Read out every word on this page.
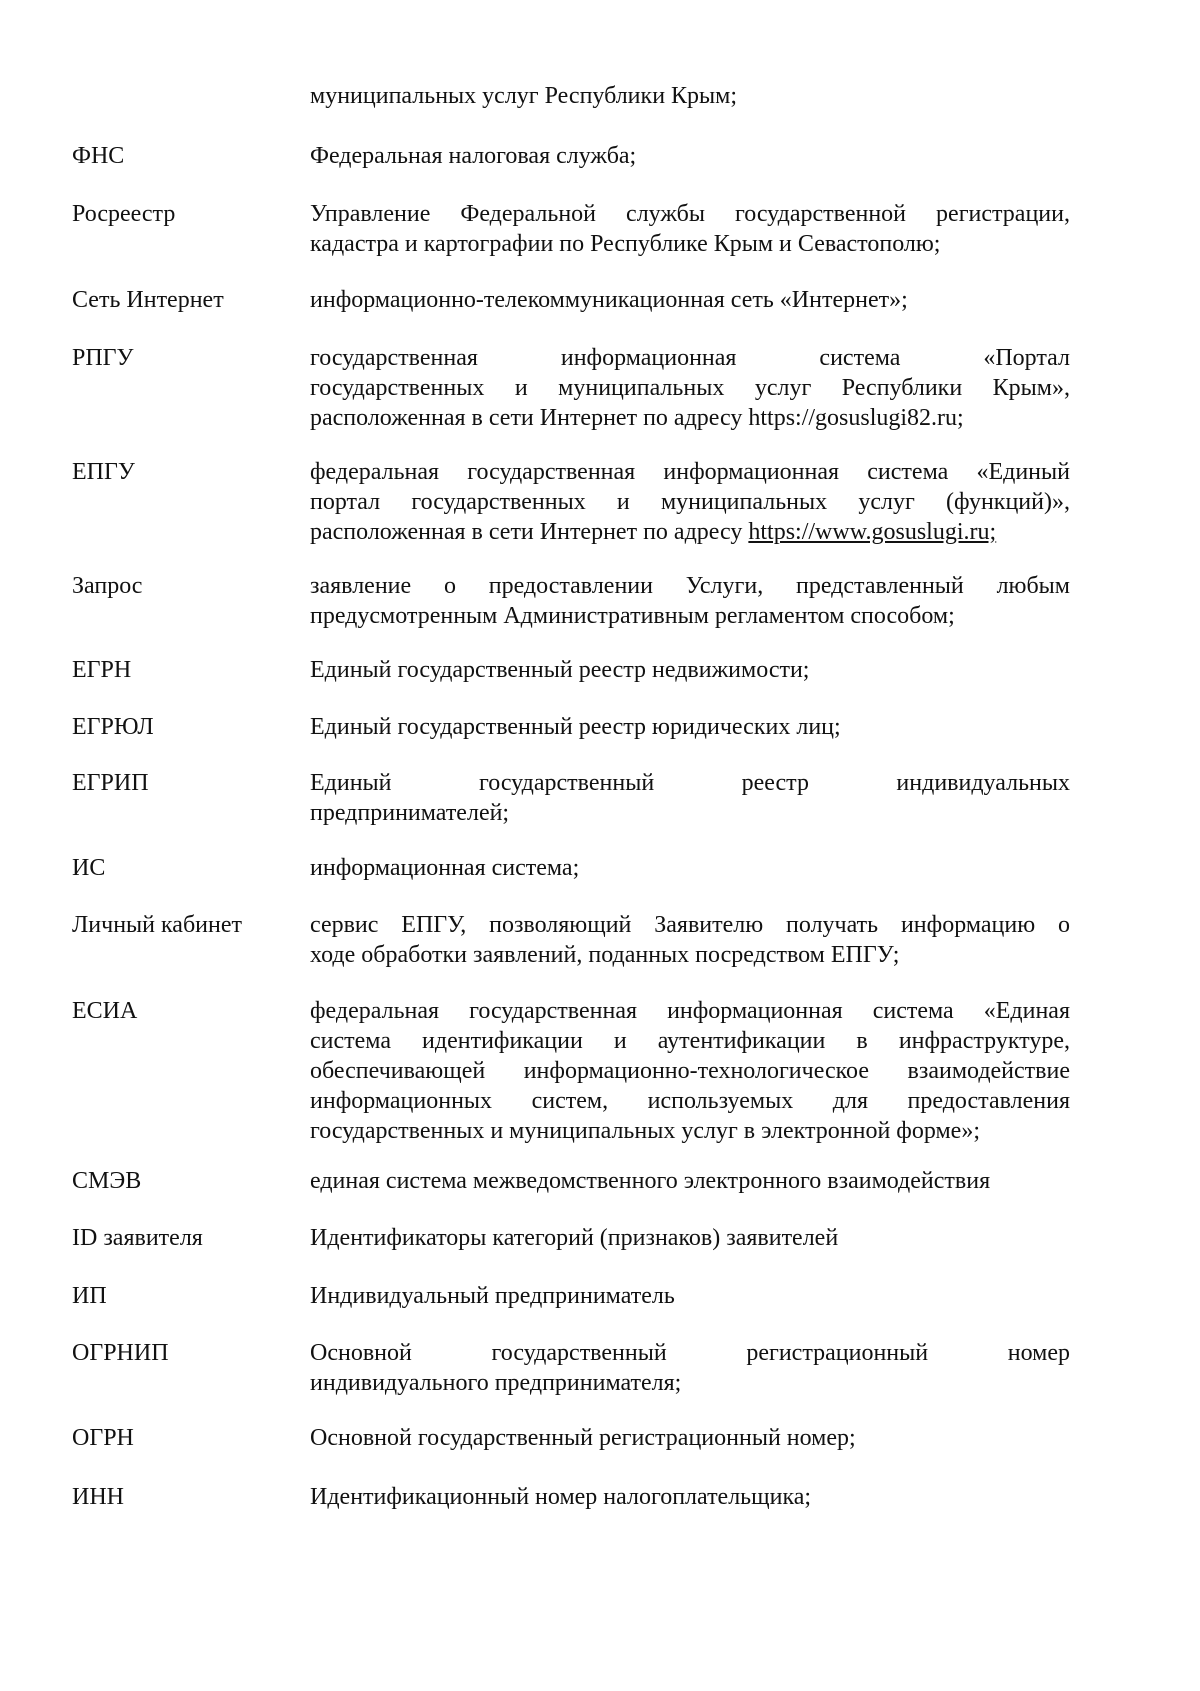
муниципальных услуг Республики Крым;
ФНС	Федеральная налоговая служба;
Росреестр	Управление Федеральной службы государственной регистрации,
кадастра и картографии по Республике Крым и Севастополю;
Сеть Интернет	информационно-телекоммуникационная сеть «Интернет»;
РПГУ	государственная информационная система «Портал
государственных и муниципальных услуг Республики Крым»,
расположенная в сети Интернет по адресу https://gosuslugi82.ru;
ЕПГУ	федеральная государственная информационная система «Единый
портал государственных и муниципальных услуг (функций)»,
расположенная в сети Интернет по адресу https://www.gosuslugi.ru;
Запрос	заявление о предоставлении Услуги, представленный любым
предусмотренным Административным регламентом способом;
ЕГРН	Единый государственный реестр недвижимости;
ЕГРЮЛ	Единый государственный реестр юридических лиц;
ЕГРИП	Единый государственный реестр индивидуальных
предпринимателей;
ИС	информационная система;
Личный кабинет	сервис ЕПГУ, позволяющий Заявителю получать информацию о
ходе обработки заявлений, поданных посредством ЕПГУ;
ЕСИА	федеральная государственная информационная система «Единая
система идентификации и аутентификации в инфраструктуре,
обеспечивающей информационно-технологическое взаимодействие
информационных систем, используемых для предоставления
государственных и муниципальных услуг в электронной форме»;
СМЭВ	единая система межведомственного электронного взаимодействия
ID заявителя	Идентификаторы категорий (признаков) заявителей
ИП	Индивидуальный предприниматель
ОГРНИП	Основной государственный регистрационный номер
индивидуального предпринимателя;
ОГРН	Основной государственный регистрационный номер;
ИНН	Идентификационный номер налогоплательщика;
